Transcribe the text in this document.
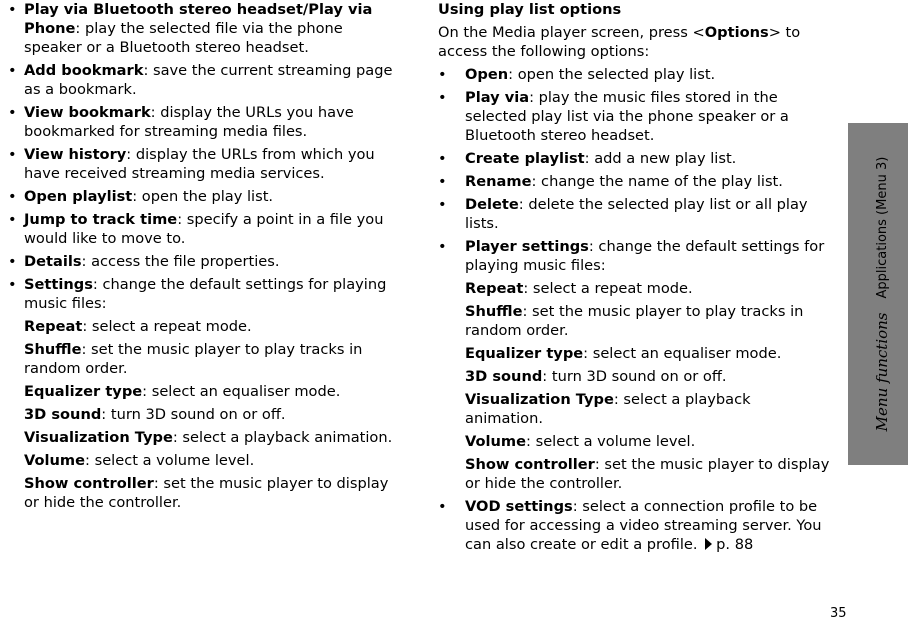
• Play via Bluetooth stereo headset/Play via Phone: play the selected file via the phone speaker or a Bluetooth stereo headset.
• Add bookmark: save the current streaming page as a bookmark.
• View bookmark: display the URLs you have bookmarked for streaming media files.
• View history: display the URLs from which you have received streaming media services.
• Open playlist: open the play list.
• Jump to track time: specify a point in a file you would like to move to.
• Details: access the file properties.
• Settings: change the default settings for playing music files:
Repeat: select a repeat mode.
Shuffle: set the music player to play tracks in random order.
Equalizer type: select an equaliser mode.
3D sound: turn 3D sound on or off.
Visualization Type: select a playback animation.
Volume: select a volume level.
Show controller: set the music player to display or hide the controller.
Using play list options
On the Media player screen, press <Options> to access the following options:
• Open: open the selected play list.
• Play via: play the music files stored in the selected play list via the phone speaker or a Bluetooth stereo headset.
• Create playlist: add a new play list.
• Rename: change the name of the play list.
• Delete: delete the selected play list or all play lists.
• Player settings: change the default settings for playing music files:
Repeat: select a repeat mode.
Shuffle: set the music player to play tracks in random order.
Equalizer type: select an equaliser mode.
3D sound: turn 3D sound on or off.
Visualization Type: select a playback animation.
Volume: select a volume level.
Show controller: set the music player to display or hide the controller.
• VOD settings: select a connection profile to be used for accessing a video streaming server. You can also create or edit a profile. p. 88
Menu functions
Applications (Menu 3)
35
